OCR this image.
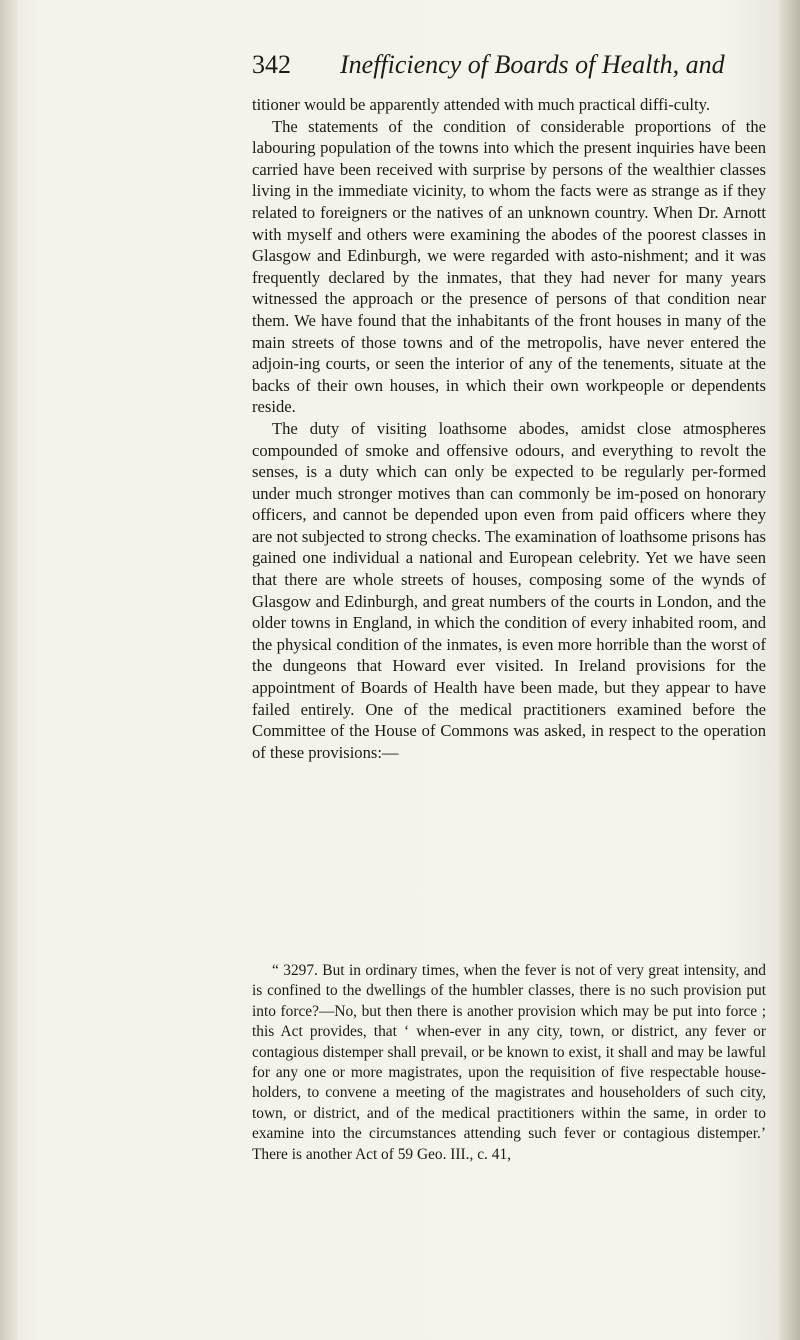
342 Inefficiency of Boards of Health, and

titioner would be apparently attended with much practical diffi-culty.

The statements of the condition of considerable proportions of the labouring population of the towns into which the present inquiries have been carried have been received with surprise by persons of the wealthier classes living in the immediate vicinity, to whom the facts were as strange as if they related to foreigners or the natives of an unknown country. When Dr. Arnott with myself and others were examining the abodes of the poorest classes in Glasgow and Edinburgh, we were regarded with asto-nishment; and it was frequently declared by the inmates, that they had never for many years witnessed the approach or the presence of persons of that condition near them. We have found that the inhabitants of the front houses in many of the main streets of those towns and of the metropolis, have never entered the adjoin-ing courts, or seen the interior of any of the tenements, situate at the backs of their own houses, in which their own workpeople or dependents reside.

The duty of visiting loathsome abodes, amidst close atmospheres compounded of smoke and offensive odours, and everything to revolt the senses, is a duty which can only be expected to be regularly per-formed under much stronger motives than can commonly be im-posed on honorary officers, and cannot be depended upon even from paid officers where they are not subjected to strong checks. The examination of loathsome prisons has gained one individual a national and European celebrity. Yet we have seen that there are whole streets of houses, composing some of the wynds of Glasgow and Edinburgh, and great numbers of the courts in London, and the older towns in England, in which the condition of every inhabited room, and the physical condition of the inmates, is even more horrible than the worst of the dungeons that Howard ever visited. In Ireland provisions for the appointment of Boards of Health have been made, but they appear to have failed entirely. One of the medical practitioners examined before the Committee of the House of Commons was asked, in respect to the operation of these provisions:—

“ 3297. But in ordinary times, when the fever is not of very great intensity, and is confined to the dwellings of the humbler classes, there is no such provision put into force?—No, but then there is another provision which may be put into force ; this Act provides, that ‘ when-ever in any city, town, or district, any fever or contagious distemper shall prevail, or be known to exist, it shall and may be lawful for any one or more magistrates, upon the requisition of five respectable house-holders, to convene a meeting of the magistrates and householders of such city, town, or district, and of the medical practitioners within the same, in order to examine into the circumstances attending such fever or contagious distemper.’ There is another Act of 59 Geo. III., c. 41,
